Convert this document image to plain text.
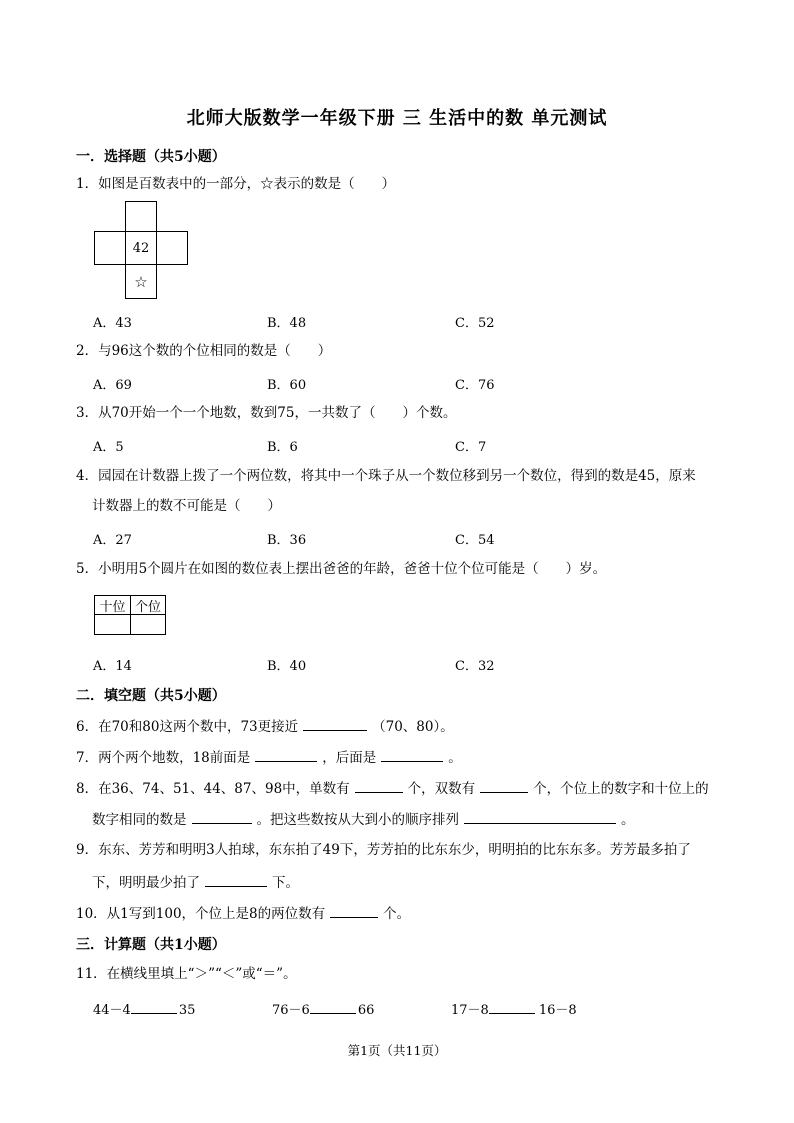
北师大版数学一年级下册 三 生活中的数 单元测试
一．选择题（共5小题）
1．如图是百数表中的一部分，☆表示的数是（　　）
42
☆
A．43	B．48	C．52
2．与96这个数的个位相同的数是（　　）
A．69	B．60	C．76
3．从70开始一个一个地数，数到75，一共数了（　　）个数。
A．5	B．6	C．7
4．园园在计数器上拨了一个两位数，将其中一个珠子从一个数位移到另一个数位，得到的数是45，原来
计数器上的数不可能是（　　）
A．27	B．36	C．54
5．小明用5个圆片在如图的数位表上摆出爸爸的年龄，爸爸十位个位可能是（　　）岁。
十位 个位
A．14	B．40	C．32
二．填空题（共5小题）
6．在70和80这两个数中，73更接近	（70、80）。
7．两个两个地数，18前面是	，后面是	。
8．在36、74、51、44、87、98中，单数有	个，双数有	个，个位上的数字和十位上的
数字相同的数是	。把这些数按从大到小的顺序排列	。
9．东东、芳芳和明明3人拍球，东东拍了49下，芳芳拍的比东东少，明明拍的比东东多。芳芳最多拍了
下，明明最少拍了	下。
10．从1写到100，个位上是8的两位数有	个。
三．计算题（共1小题）
11．在横线里填上“＞”“＜”或“＝”。
44－4	35	76－6	66	17－8	16－8
第1页（共11页）
